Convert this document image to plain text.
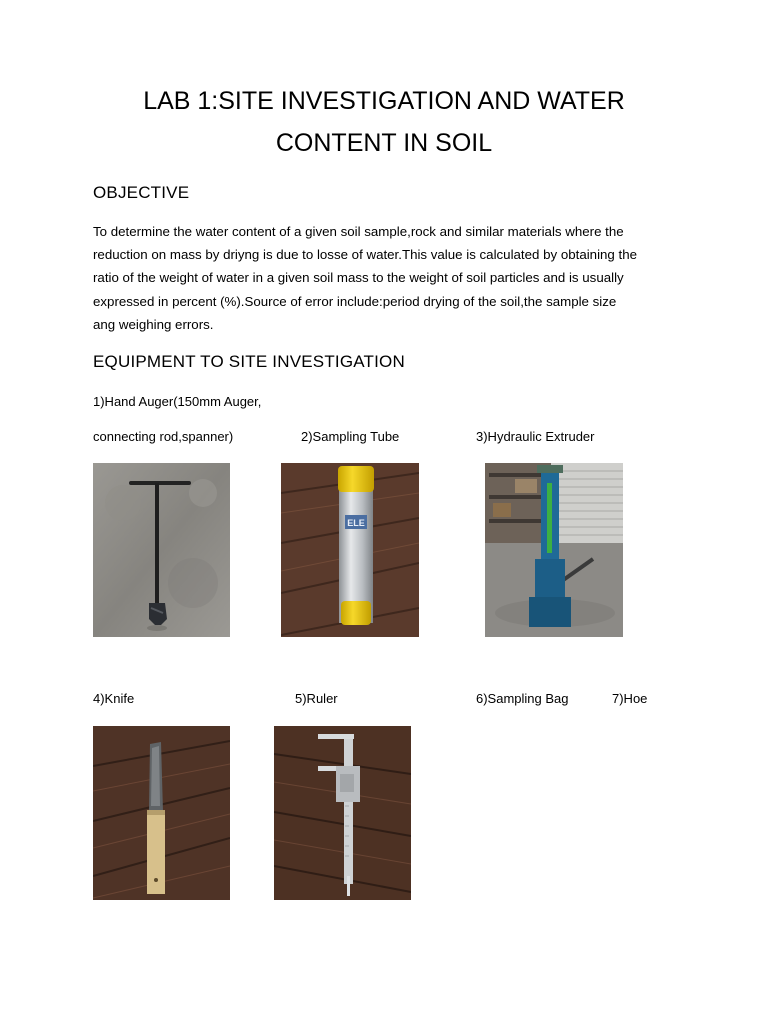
LAB 1:SITE INVESTIGATION AND WATER
CONTENT IN SOIL
OBJECTIVE
To determine the water content of a given soil sample,rock and similar materials where the
reduction on mass by driyng is due to losse of water.This value is calculated by obtaining the
ratio of the weight of water in a given soil mass to the weight of soil particles and is usually
expressed in percent (%).Source of error include:period drying of the soil,the sample size
ang weighing errors.
EQUIPMENT TO SITE INVESTIGATION
1)Hand Auger(150mm Auger,
connecting rod,spanner)	2)Sampling Tube	3)Hydraulic Extruder
ELE
4)Knife	5)Ruler	6)Sampling Bag	7)Hoe
